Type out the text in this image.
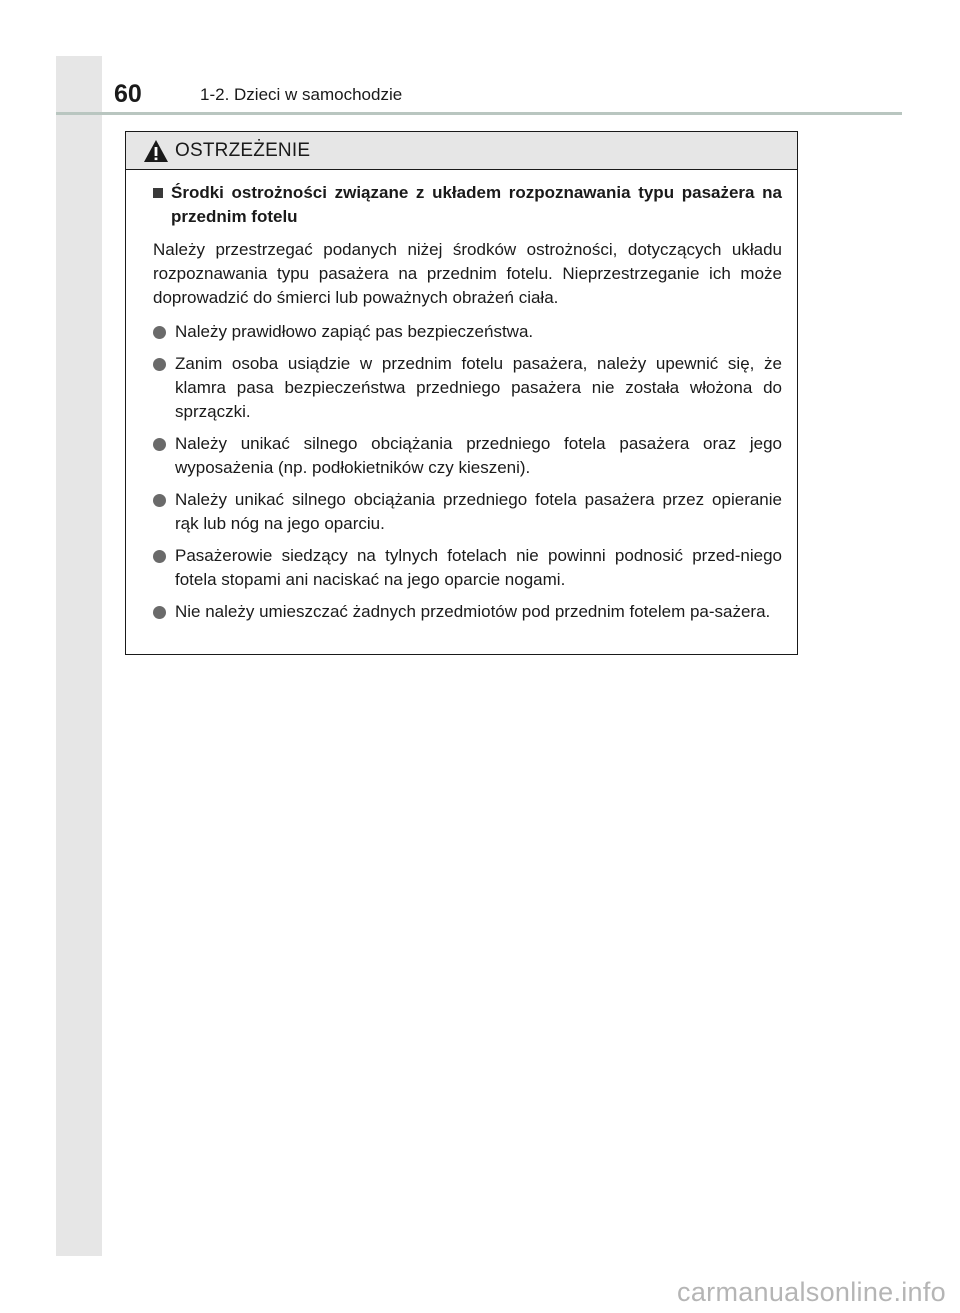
60	1-2. Dzieci w samochodzie
OSTRZEŻENIE
Środki ostrożności związane z układem rozpoznawania typu pasażera na przednim fotelu

Należy przestrzegać podanych niżej środków ostrożności, dotyczących układu rozpoznawania typu pasażera na przednim fotelu. Nieprzestrzeganie ich może doprowadzić do śmierci lub poważnych obrażeń ciała.

Należy prawidłowo zapiąć pas bezpieczeństwa.
Zanim osoba usiądzie w przednim fotelu pasażera, należy upewnić się, że klamra pasa bezpieczeństwa przedniego pasażera nie została włożona do sprzączki.
Należy unikać silnego obciążania przedniego fotela pasażera oraz jego wyposażenia (np. podłokietników czy kieszeni).
Należy unikać silnego obciążania przedniego fotela pasażera przez opieranie rąk lub nóg na jego oparciu.
Pasażerowie siedzący na tylnych fotelach nie powinni podnosić przed-niego fotela stopami ani naciskać na jego oparcie nogami.
Nie należy umieszczać żadnych przedmiotów pod przednim fotelem pa-sażera.
carmanualsonline.info
